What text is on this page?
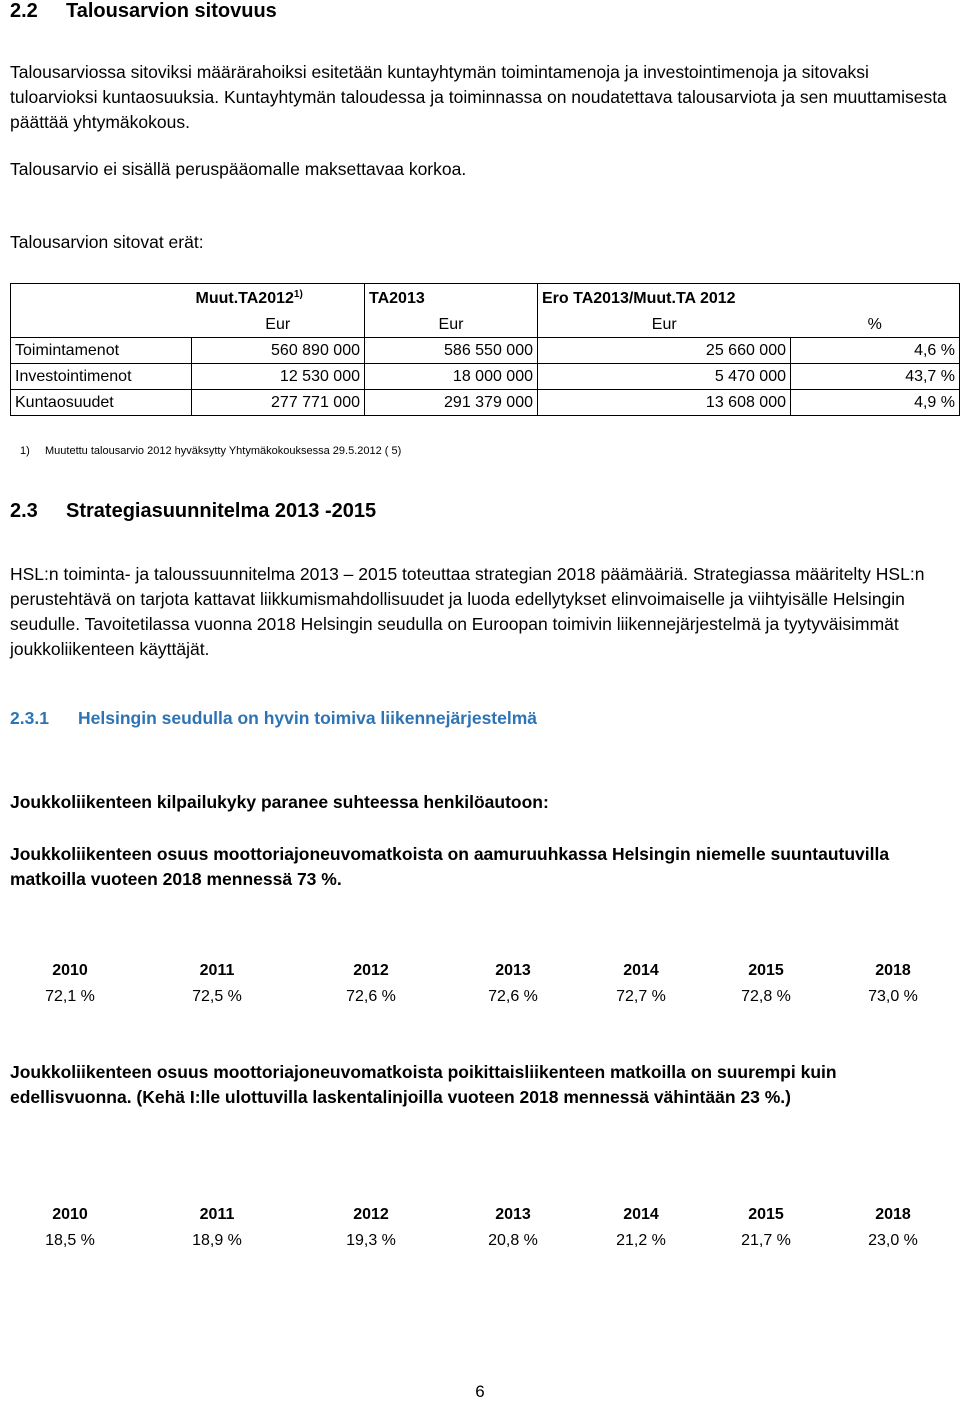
2.2 Talousarvion sitovuus
Talousarviossa sitoviksi määrärahoiksi esitetään kuntayhtymän toimintamenoja ja investointimenoja ja sitovaksi tuloarvioksi kuntaosuuksia. Kuntayhtymän taloudessa ja toiminnassa on noudatettava talousarviota ja sen muuttamisesta päättää yhtymäkokous.
Talousarvio ei sisällä peruspääomalle maksettavaa korkoa.
Talousarvion sitovat erät:
	Muut.TA2012$^{1)}$	TA2013	Ero TA2013/Muut.TA 2012	
	Eur	Eur	Eur	%
Toimintamenot	560 890 000	586 550 000	25 660 000	4,6 %
Investointimenot	12 530 000	18 000 000	5 470 000	43,7 %
Kuntaosuudet	277 771 000	291 379 000	13 608 000	4,9 %
1) Muutettu talousarvio 2012 hyväksytty Yhtymäkokouksessa 29.5.2012 ( 5)
2.3 Strategiasuunnitelma 2013 -2015
HSL:n toiminta- ja taloussuunnitelma 2013 – 2015 toteuttaa strategian 2018 päämääriä. Strategiassa määritelty HSL:n perustehtävä on tarjota kattavat liikkumismahdollisuudet ja luoda edellytykset elinvoimaiselle ja viihtyisälle Helsingin seudulle. Tavoitetilassa vuonna 2018 Helsingin seudulla on Euroopan toimivin liikennejärjestelmä ja tyytyväisimmät joukkoliikenteen käyttäjät.
2.3.1 Helsingin seudulla on hyvin toimiva liikennejärjestelmä
Joukkoliikenteen kilpailukyky paranee suhteessa henkilöautoon:
Joukkoliikenteen osuus moottoriajoneuvomatkoista on aamuruuhkassa Helsingin niemelle suuntautuvilla matkoilla vuoteen 2018 mennessä 73 %.
2010	2011	2012	2013	2014	2015	2018
72,1 %	72,5 %	72,6 %	72,6 %	72,7 %	72,8 %	73,0 %
Joukkoliikenteen osuus moottoriajoneuvomatkoista poikittaisliikenteen matkoilla on suurempi kuin edellisvuonna. (Kehä I:lle ulottuvilla laskentalinjoilla vuoteen 2018 mennessä vähintään 23 %.)
2010	2011	2012	2013	2014	2015	2018
18,5 %	18,9 %	19,3 %	20,8 %	21,2 %	21,7 %	23,0 %
6
